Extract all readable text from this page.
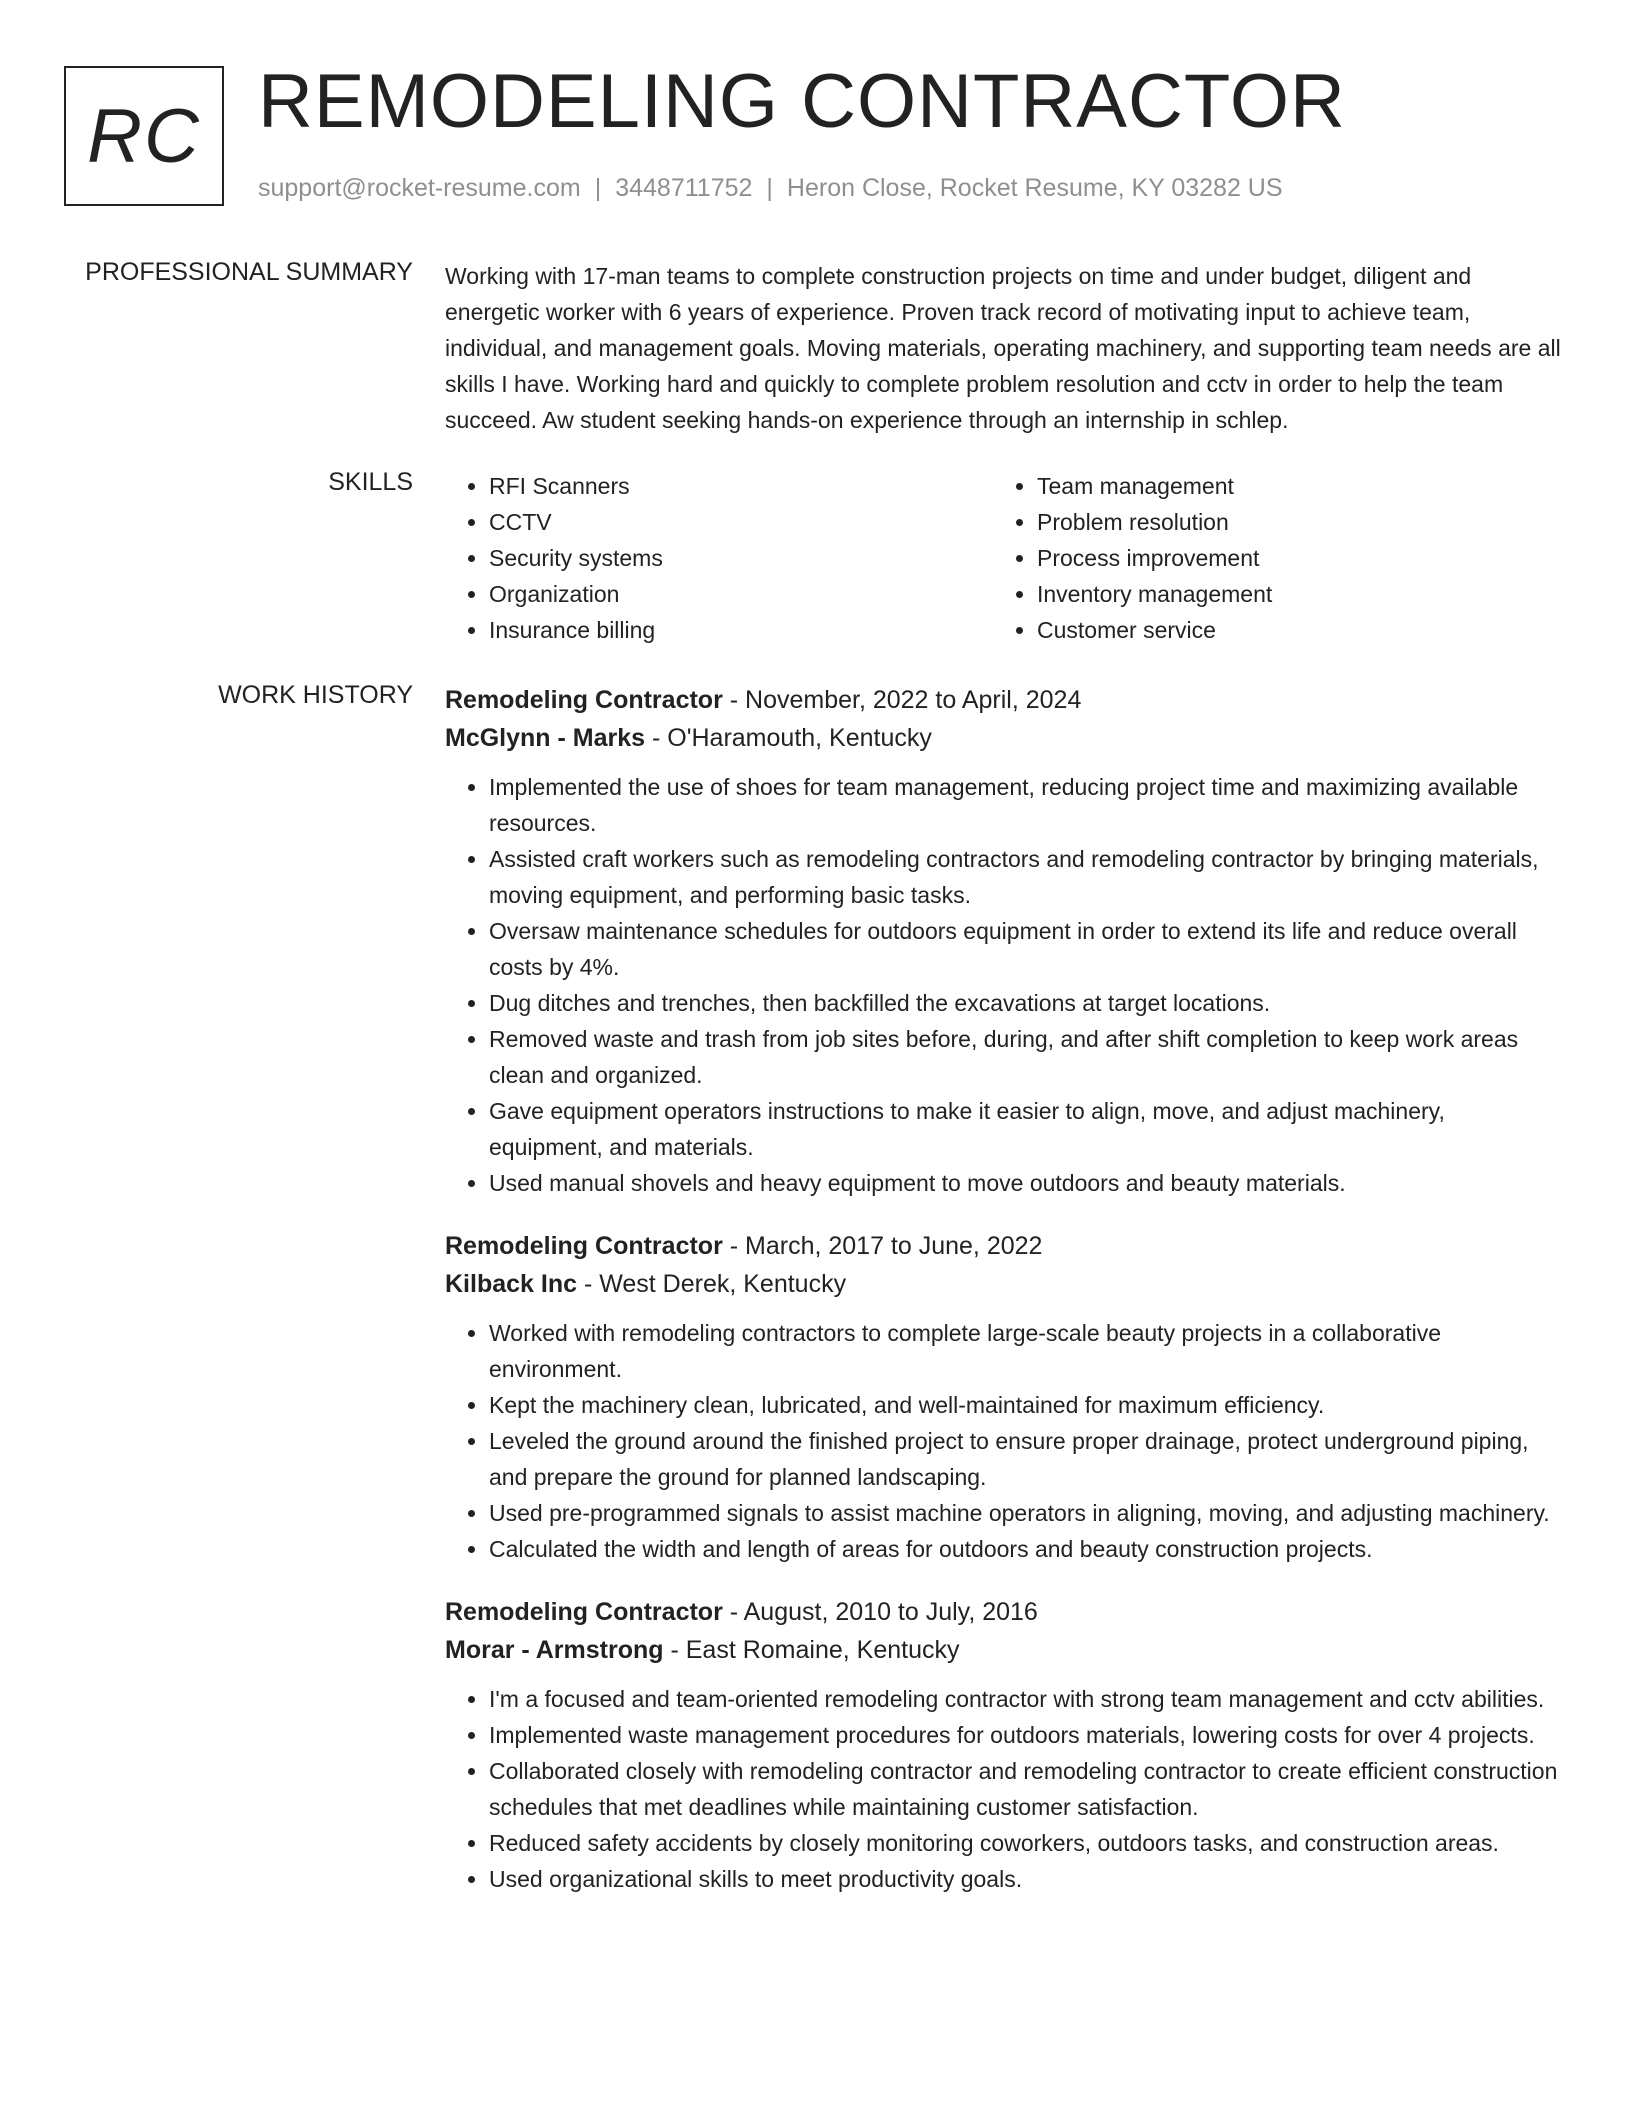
RC REMODELING CONTRACTOR
support@rocket-resume.com | 3448711752 | Heron Close, Rocket Resume, KY 03282 US
PROFESSIONAL SUMMARY Working with 17-man teams to complete construction projects on time and under budget, diligent and energetic worker with 6 years of experience. Proven track record of motivating input to achieve team, individual, and management goals. Moving materials, operating machinery, and supporting team needs are all skills I have. Working hard and quickly to complete problem resolution and cctv in order to help the team succeed. Aw student seeking hands-on experience through an internship in schlep.

SKILLS
•	RFI Scanners
• CCTV
• Security systems
• Organization
• Insurance billing
• Team management
• Problem resolution
• Process improvement
• Inventory management
• Customer service
WORK HISTORY Remodeling Contractor - November, 2022 to April, 2024
McGlynn - Marks - O'Haramouth, Kentucky
• Implemented the use of shoes for team management, reducing project time and maximizing available resources.
• Assisted craft workers such as remodeling contractors and remodeling contractor by bringing materials, moving equipment, and performing basic tasks.
• Oversaw maintenance schedules for outdoors equipment in order to extend its life and reduce overall costs by 4%.
• Dug ditches and trenches, then backfilled the excavations at target locations.
• Removed waste and trash from job sites before, during, and after shift completion to keep work areas clean and organized.
• Gave equipment operators instructions to make it easier to align, move, and adjust machinery, equipment, and materials.
• Used manual shovels and heavy equipment to move outdoors and beauty materials.
Remodeling Contractor - March, 2017 to June, 2022
Kilback Inc - West Derek, Kentucky
• Worked with remodeling contractors to complete large-scale beauty projects in a collaborative environment.
• Kept the machinery clean, lubricated, and well-maintained for maximum efficiency.
• Leveled the ground around the finished project to ensure proper drainage, protect underground piping, and prepare the ground for planned landscaping.
• Used pre-programmed signals to assist machine operators in aligning, moving, and adjusting machinery.
• Calculated the width and length of areas for outdoors and beauty construction projects.
Remodeling Contractor - August, 2010 to July, 2016
Morar - Armstrong - East Romaine, Kentucky
• I'm a focused and team-oriented remodeling contractor with strong team management and cctv abilities.
• Implemented waste management procedures for outdoors materials, lowering costs for over 4 projects.
• Collaborated closely with remodeling contractor and remodeling contractor to create efficient construction schedules that met deadlines while maintaining customer satisfaction.
• Reduced safety accidents by closely monitoring coworkers, outdoors tasks, and construction areas.
• Used organizational skills to meet productivity goals.
